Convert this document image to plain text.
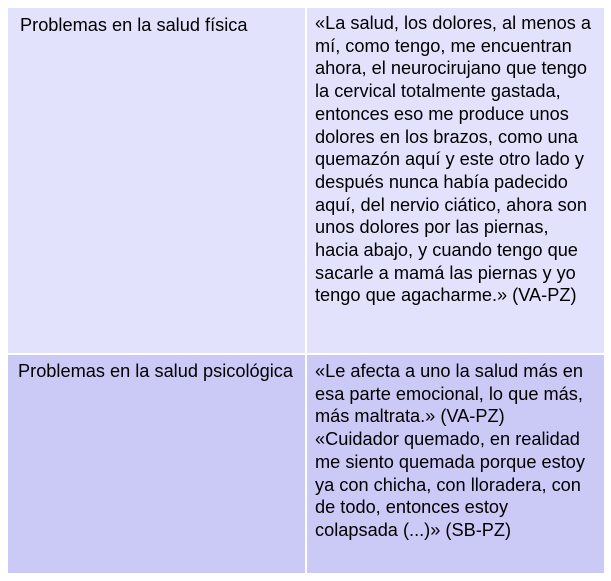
Problemas en la salud física	«La salud, los dolores, al menos a mí, como tengo, me encuentran ahora, el neurocirujano que tengo la cervical totalmente gastada, entonces eso me produce unos dolores en los brazos, como una quemazón aquí y este otro lado y después nunca había padecido aquí, del nervio ciático, ahora son unos dolores por las piernas, hacia abajo, y cuando tengo que sacarle a mamá las piernas y yo tengo que agacharme.» (VA-PZ)

Problemas en la salud psicológica	«Le afecta a uno la salud más en esa parte emocional, lo que más, más maltrata.» (VA-PZ)

«Cuidador quemado, en realidad me siento quemada porque estoy ya con chicha, con lloradera, con de todo, entonces estoy colapsada (...)» (SB-PZ)
